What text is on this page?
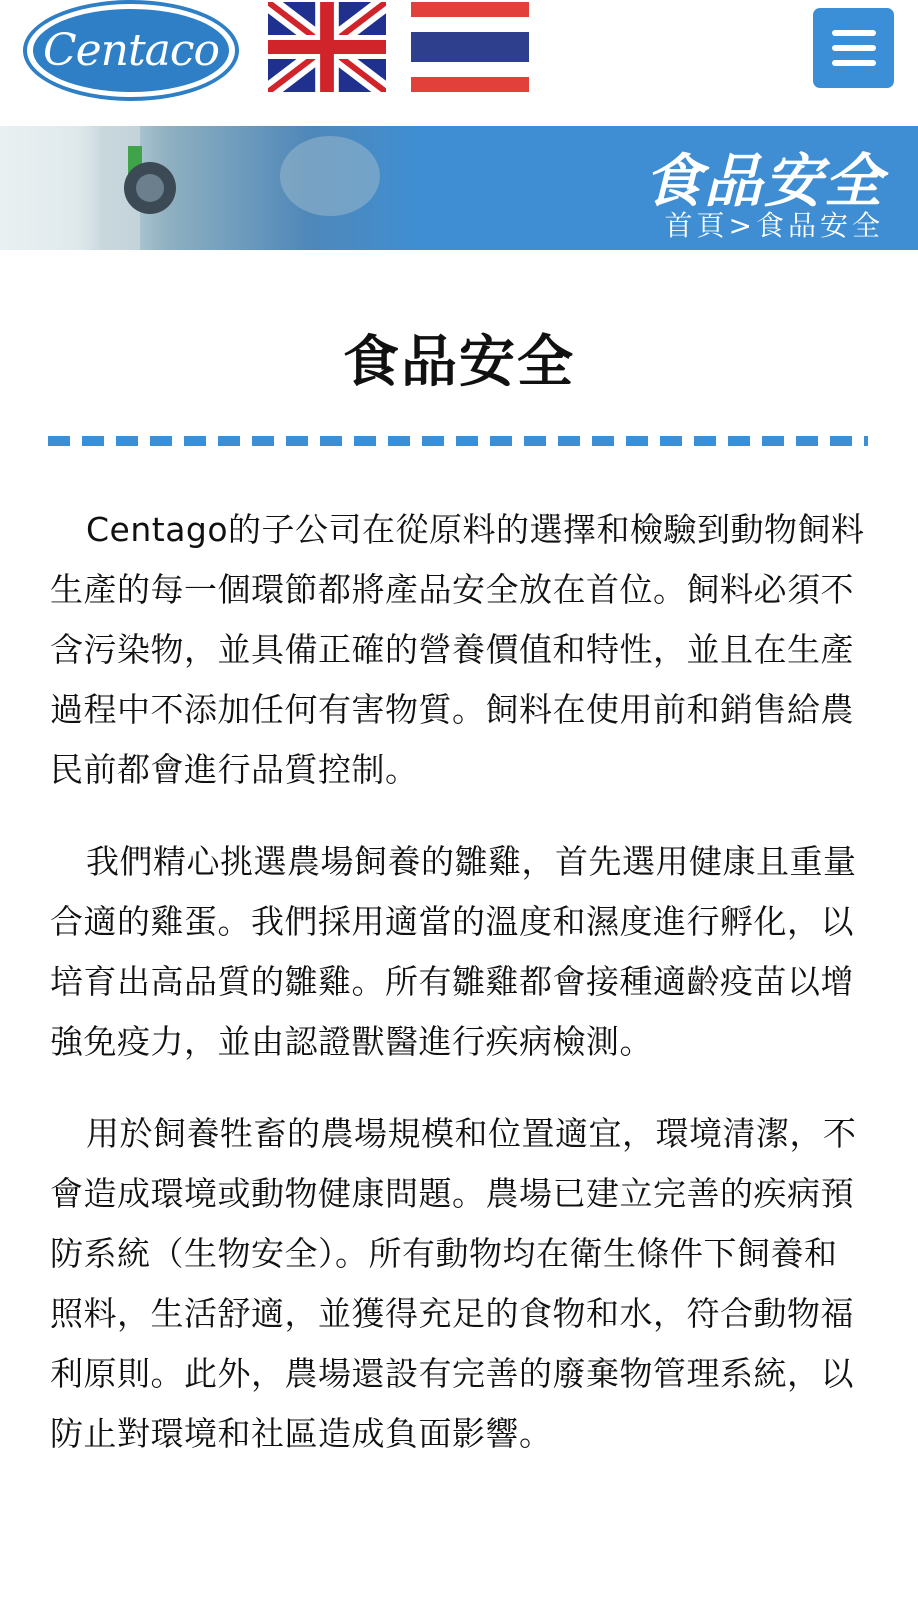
Centaco
食品安全
首頁>食品安全
食品安全

Centago的子公司在從原料的選擇和檢驗到動物飼料生產的每一個環節都將產品安全放在首位。飼料必須不含污染物，並具備正確的營養價值和特性，並且在生產過程中不添加任何有害物質。飼料在使用前和銷售給農民前都會進行品質控制。

我們精心挑選農場飼養的雛雞，首先選用健康且重量合適的雞蛋。我們採用適當的溫度和濕度進行孵化，以培育出高品質的雛雞。所有雛雞都會接種適齡疫苗以增強免疫力，並由認證獸醫進行疾病檢測。

用於飼養牲畜的農場規模和位置適宜，環境清潔，不會造成環境或動物健康問題。農場已建立完善的疾病預防系統（生物安全）。所有動物均在衛生條件下飼養和照料，生活舒適，並獲得充足的食物和水，符合動物福利原則。此外，農場還設有完善的廢棄物管理系統，以防止對環境和社區造成負面影響。
